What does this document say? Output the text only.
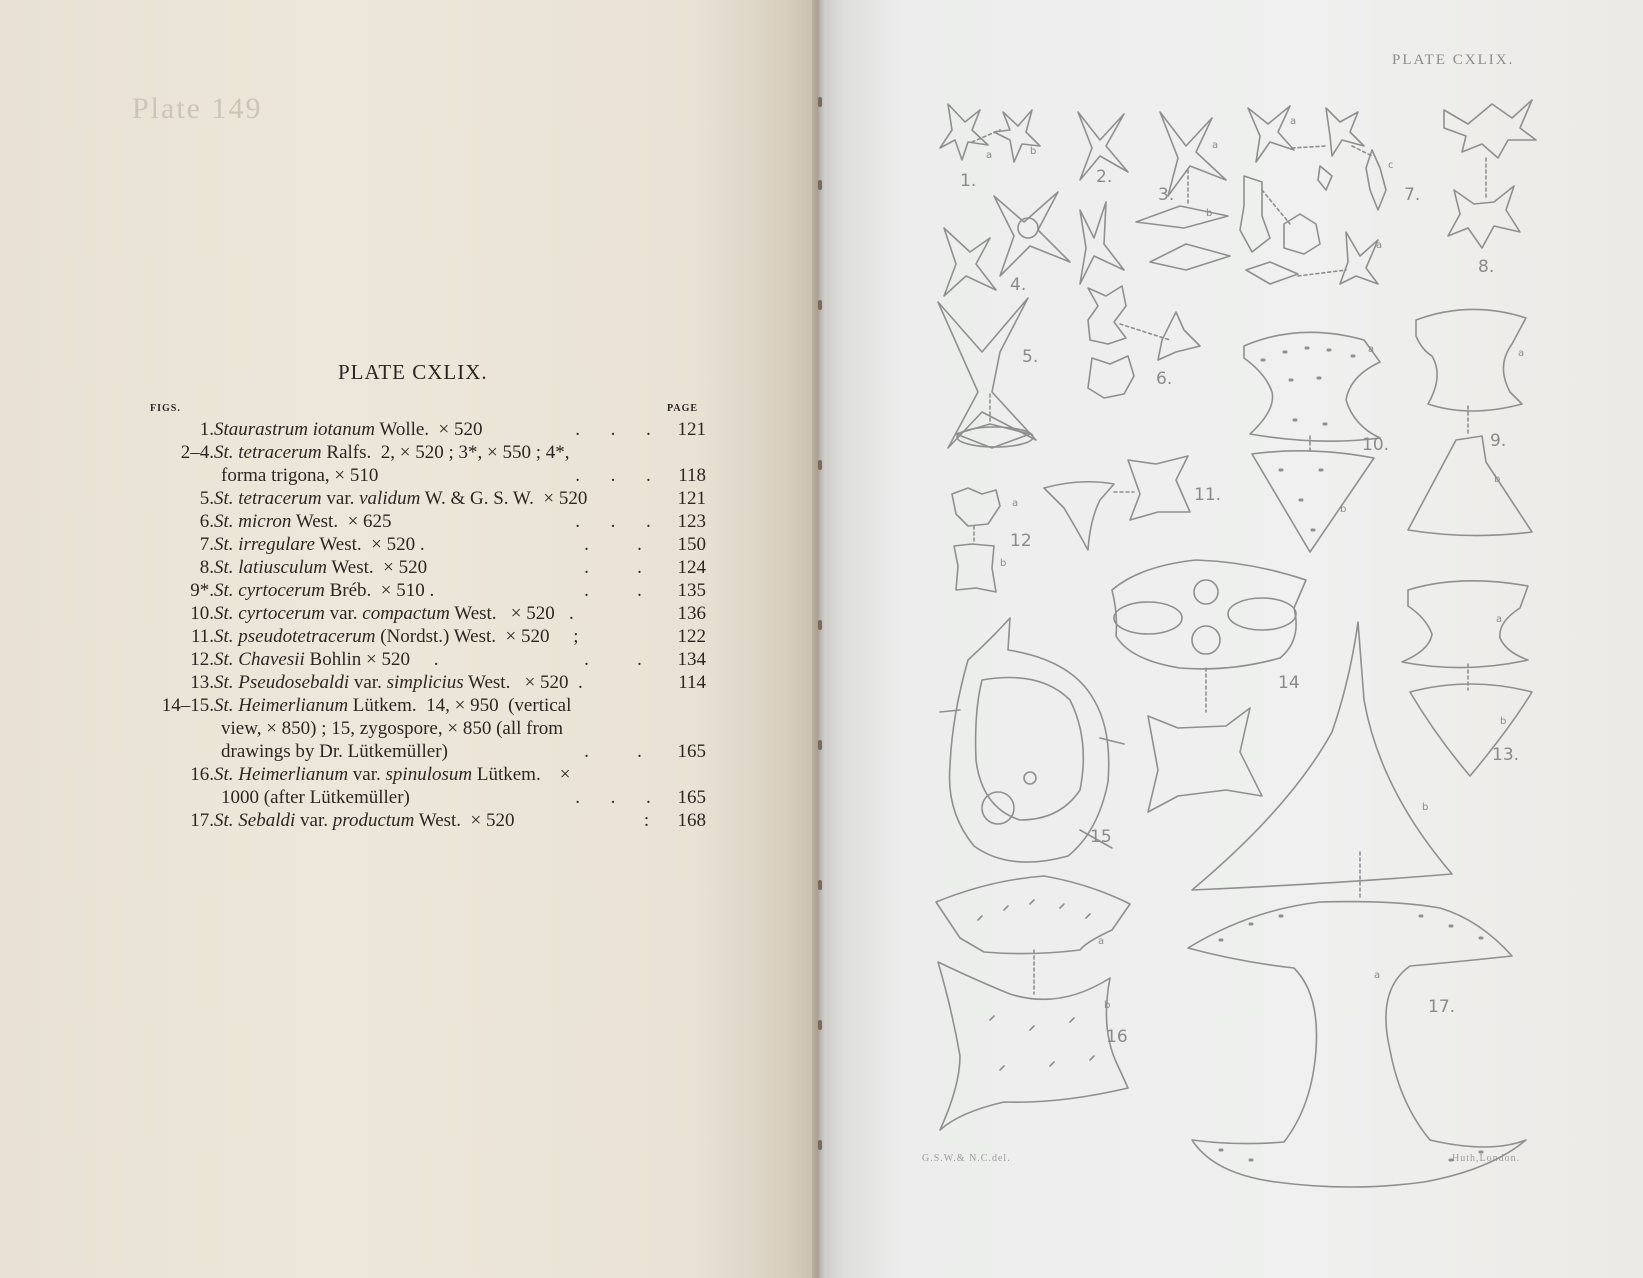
Plate 149
PLATE CXLIX.
FIGS.	PAGE
1. Staurastrum iotanum Wolle.  × 520	. . .	121
2–4. St. tetracerum Ralfs.  2, × 520 ; 3*, × 550 ; 4*,
forma trigona, × 510	. . .	118
5. St. tetracerum var. validum W. & G. S. W.  × 520	121
6. St. micron West.  × 625	. . .	123
7. St. irregulare West.  × 520 .	.	.	150
8. St. latiusculum West.  × 520	.	.	124
9*. St. cyrtocerum Bréb.  × 510 .	.	.	135
10. St. cyrtocerum var. compactum West.   × 520   .	136
11. St. pseudotetracerum (Nordst.) West.  × 520     ;	122
12. St. Chavesii Bohlin × 520     .	.	.	134
13. St. Pseudosebaldi var. simplicius West.   × 520  .	114
14–15. St. Heimerlianum Lütkem.  14, × 950  (vertical
view, × 850) ; 15, zygospore, × 850 (all from
drawings by Dr. Lütkemüller)	.	.	165
16. St. Heimerlianum var. spinulosum Lütkem.    ×
1000 (after Lütkemüller)	. . .	165
17. St. Sebaldi var. productum West.  × 520	:	168
PLATE CXLIX.
G.S.W.& N.C.del.	Huth,London.
1.	2.
3.
4.
5.
6.
7.
8.
9.
10.
11.
12
13.
14
15
16
17.
a	b
a
b
a
c
a
a
b
a
b
a
b
a
b
a
b
a
b
